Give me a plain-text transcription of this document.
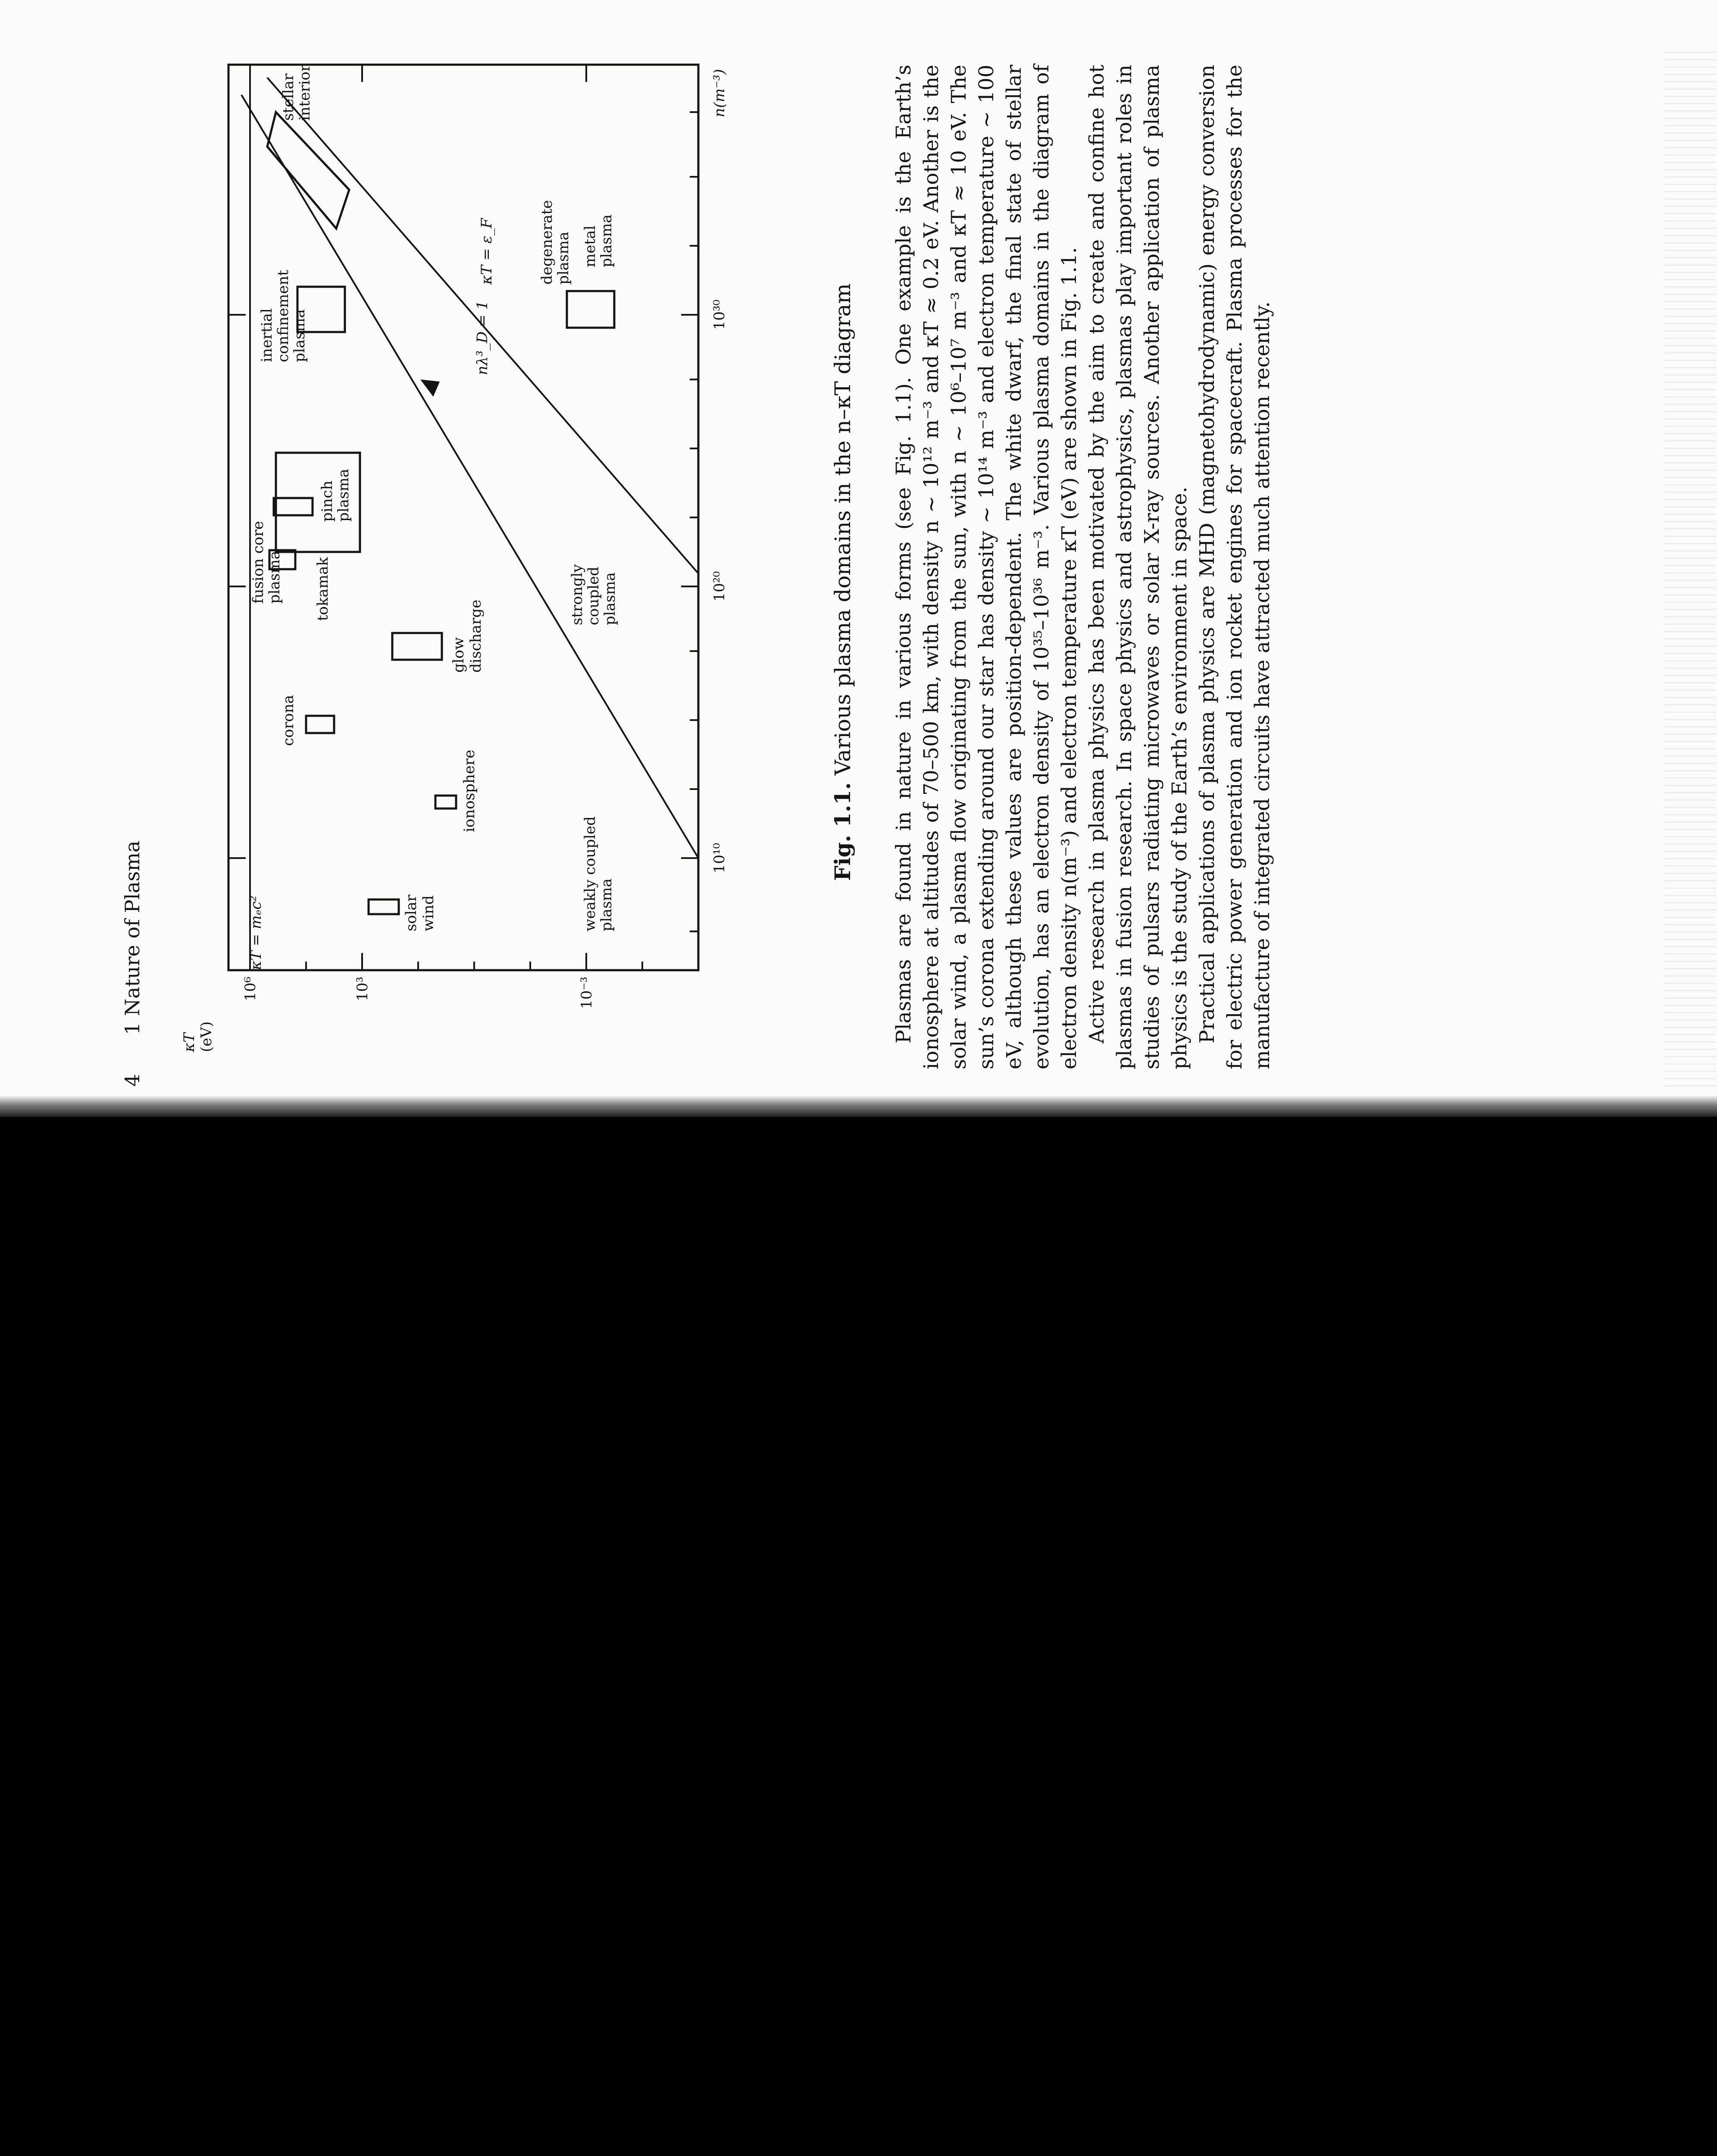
41 Nature of Plasma
κT (eV)
10⁶	10³	10⁻³
10¹⁰
10²⁰
10³⁰
n(m⁻³)
κT = mₑc²
nλ³_D = 1
κT = ε_F
solarwind
ionosphere
corona
glowdischarge
tokamak
fusion coreplasma
pinchplasma
inertialconfinementplasma
stellarinterior
weakly coupledplasma
stronglycoupledplasma
degenerateplasma metalplasma
Fig. 1.1. Various plasma domains in the n–κT diagram Plasmas are found in nature in various forms (see Fig. 1.1). One example is the Earth’s ionosphere at altitudes of 70–500 km, with density n ∼ 10¹² m⁻³ and κT ≈ 0.2 eV. Another is the solar wind, a plasma flow originating from the sun, with n ∼ 10⁶–10⁷ m⁻³ and κT ≈ 10 eV. The sun’s corona extending around our star has density ∼ 10¹⁴ m⁻³ and electron temperature ∼ 100 eV, although these values are position-dependent. The white dwarf, the final state of stellar evolution, has an electron density of 10³⁵–10³⁶ m⁻³. Various plasma domains in the diagram of electron density n(m⁻³) and electron temperature κT (eV) are shown in Fig. 1.1. Active research in plasma physics has been motivated by the aim to create and confine hot plasmas in fusion research. In space physics and astrophysics, plasmas play important roles in studies of pulsars radiating microwaves or solar X-ray sources. Another application of plasma physics is the study of the Earth’s environment in space. Practical applications of plasma physics are MHD (magnetohydrodynamic) energy conversion for electric power generation and ion rocket engines for spacecraft. Plasma processes for the manufacture of integrated circuits have attracted much attention recently.
